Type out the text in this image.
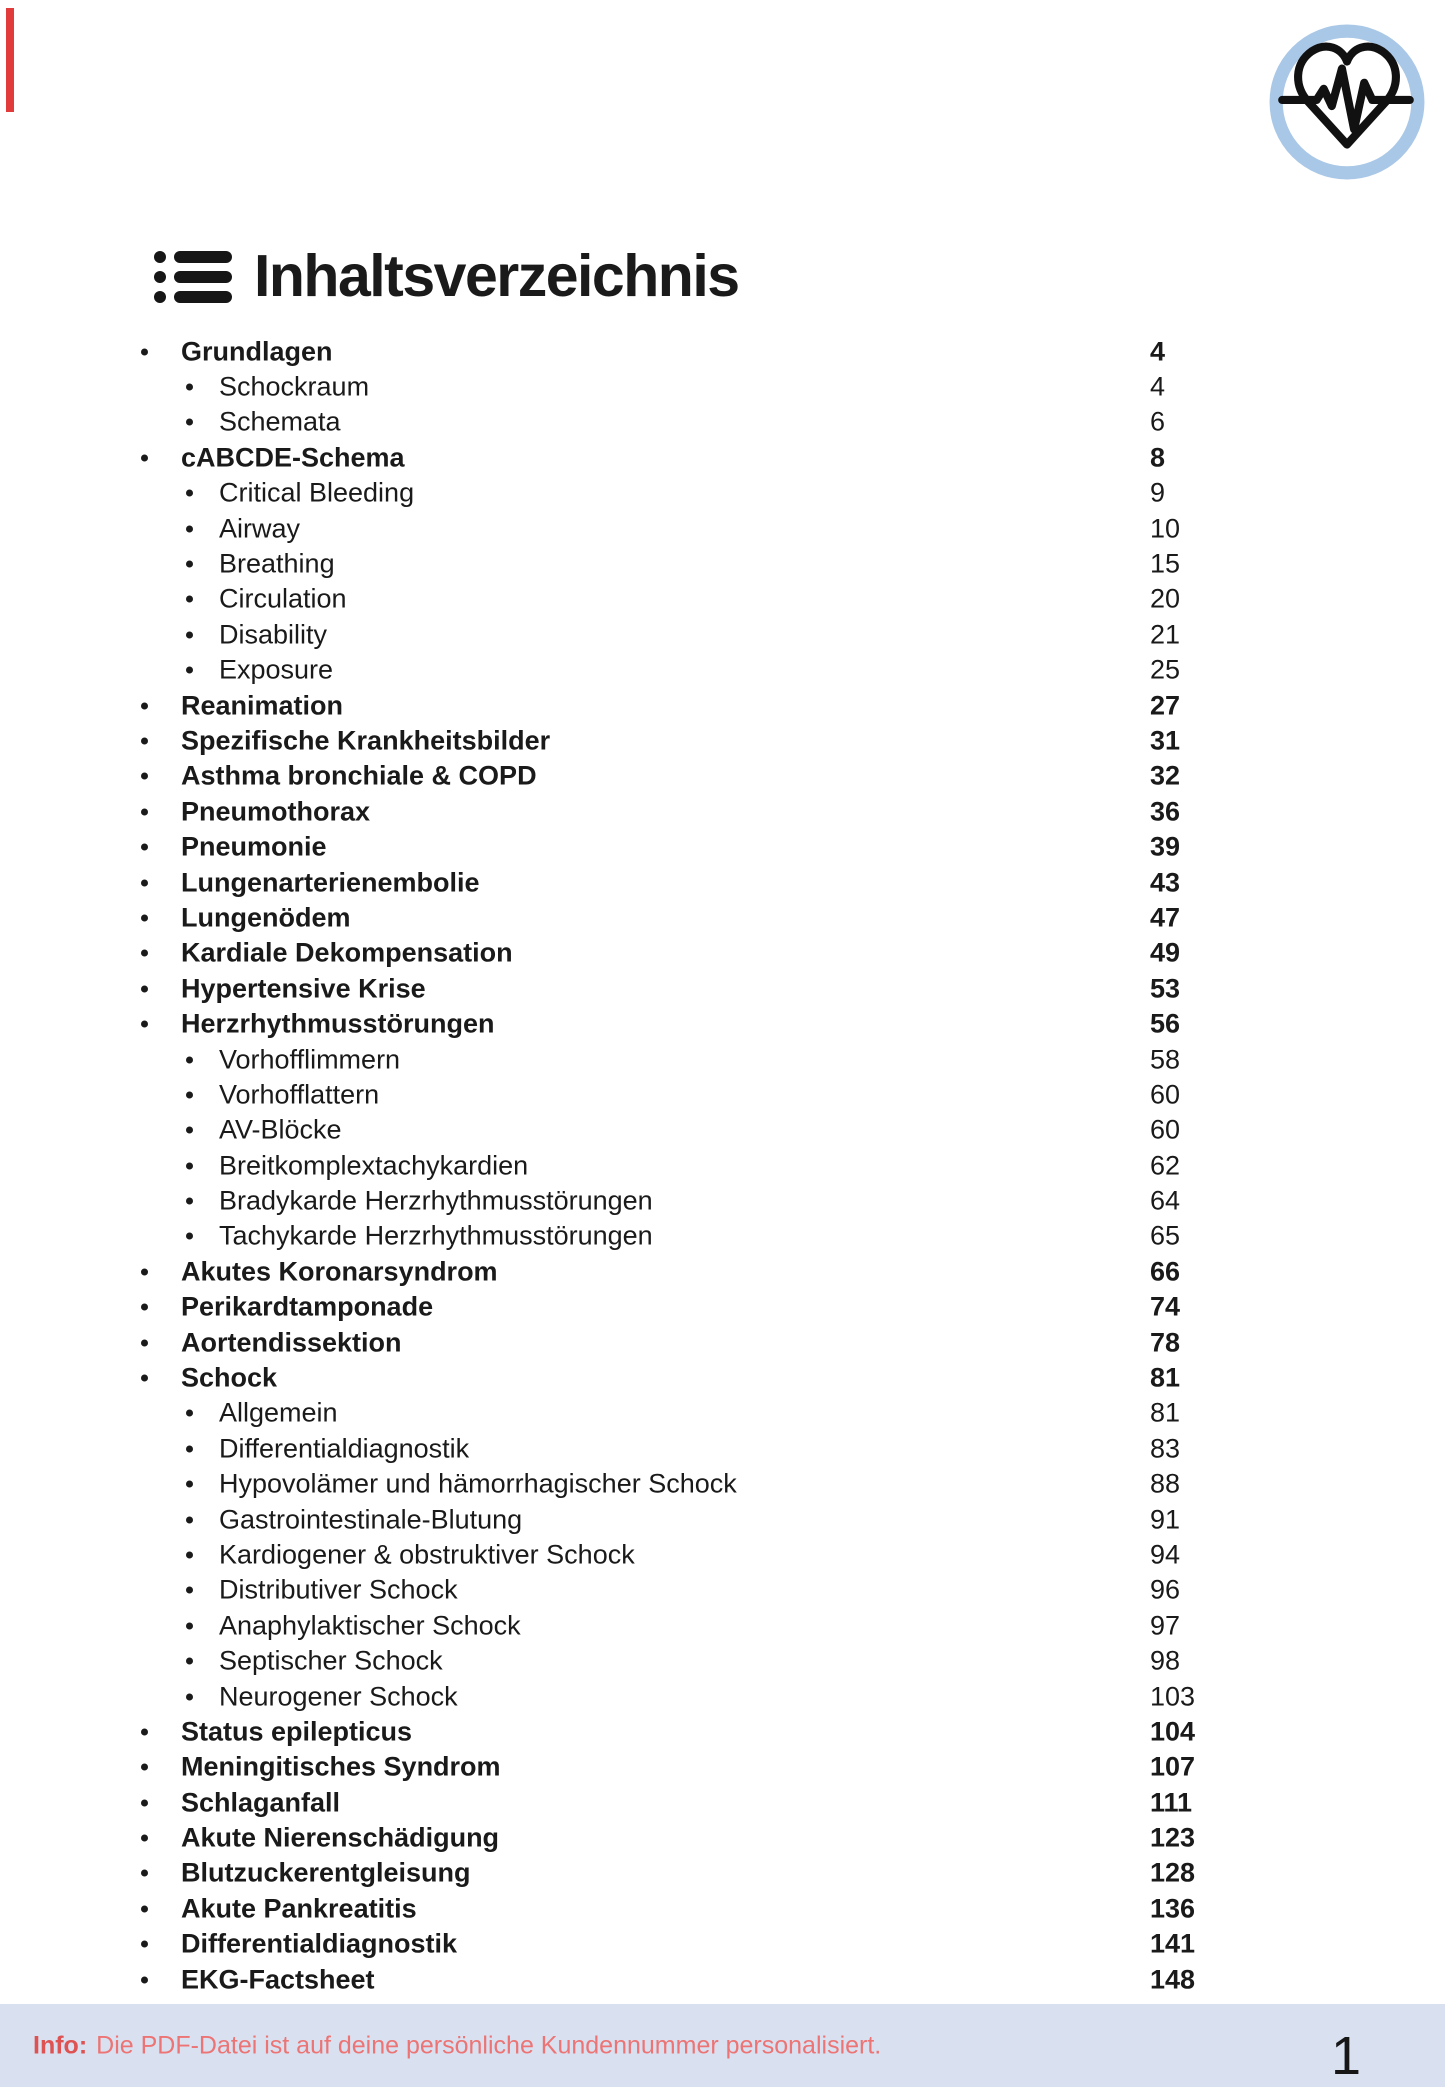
Inhaltsverzeichnis
Grundlagen	4
Schockraum	4
Schemata	6
cABCDE-Schema	8
Critical Bleeding	9
Airway	10
Breathing	15
Circulation	20
Disability	21
Exposure	25
Reanimation	27
Spezifische Krankheitsbilder	31
Asthma bronchiale & COPD	32
Pneumothorax	36
Pneumonie	39
Lungenarterienembolie	43
Lungenödem	47
Kardiale Dekompensation	49
Hypertensive Krise	53
Herzrhythmusstörungen	56
Vorhofflimmern	58
Vorhofflattern	60
AV-Blöcke	60
Breitkomplextachykardien	62
Bradykarde Herzrhythmusstörungen	64
Tachykarde Herzrhythmusstörungen	65
Akutes Koronarsyndrom	66
Perikardtamponade	74
Aortendissektion	78
Schock	81
Allgemein	81
Differentialdiagnostik	83
Hypovolämer und hämorrhagischer Schock	88
Gastrointestinale-Blutung	91
Kardiogener & obstruktiver Schock	94
Distributiver Schock	96
Anaphylaktischer Schock	97
Septischer Schock	98
Neurogener Schock	103
Status epilepticus	104
Meningitisches Syndrom	107
Schlaganfall	111
Akute Nierenschädigung	123
Blutzuckerentgleisung	128
Akute Pankreatitis	136
Differentialdiagnostik	141
EKG-Factsheet	148
Info: Die PDF-Datei ist auf deine persönliche Kundennummer personalisiert.	1
